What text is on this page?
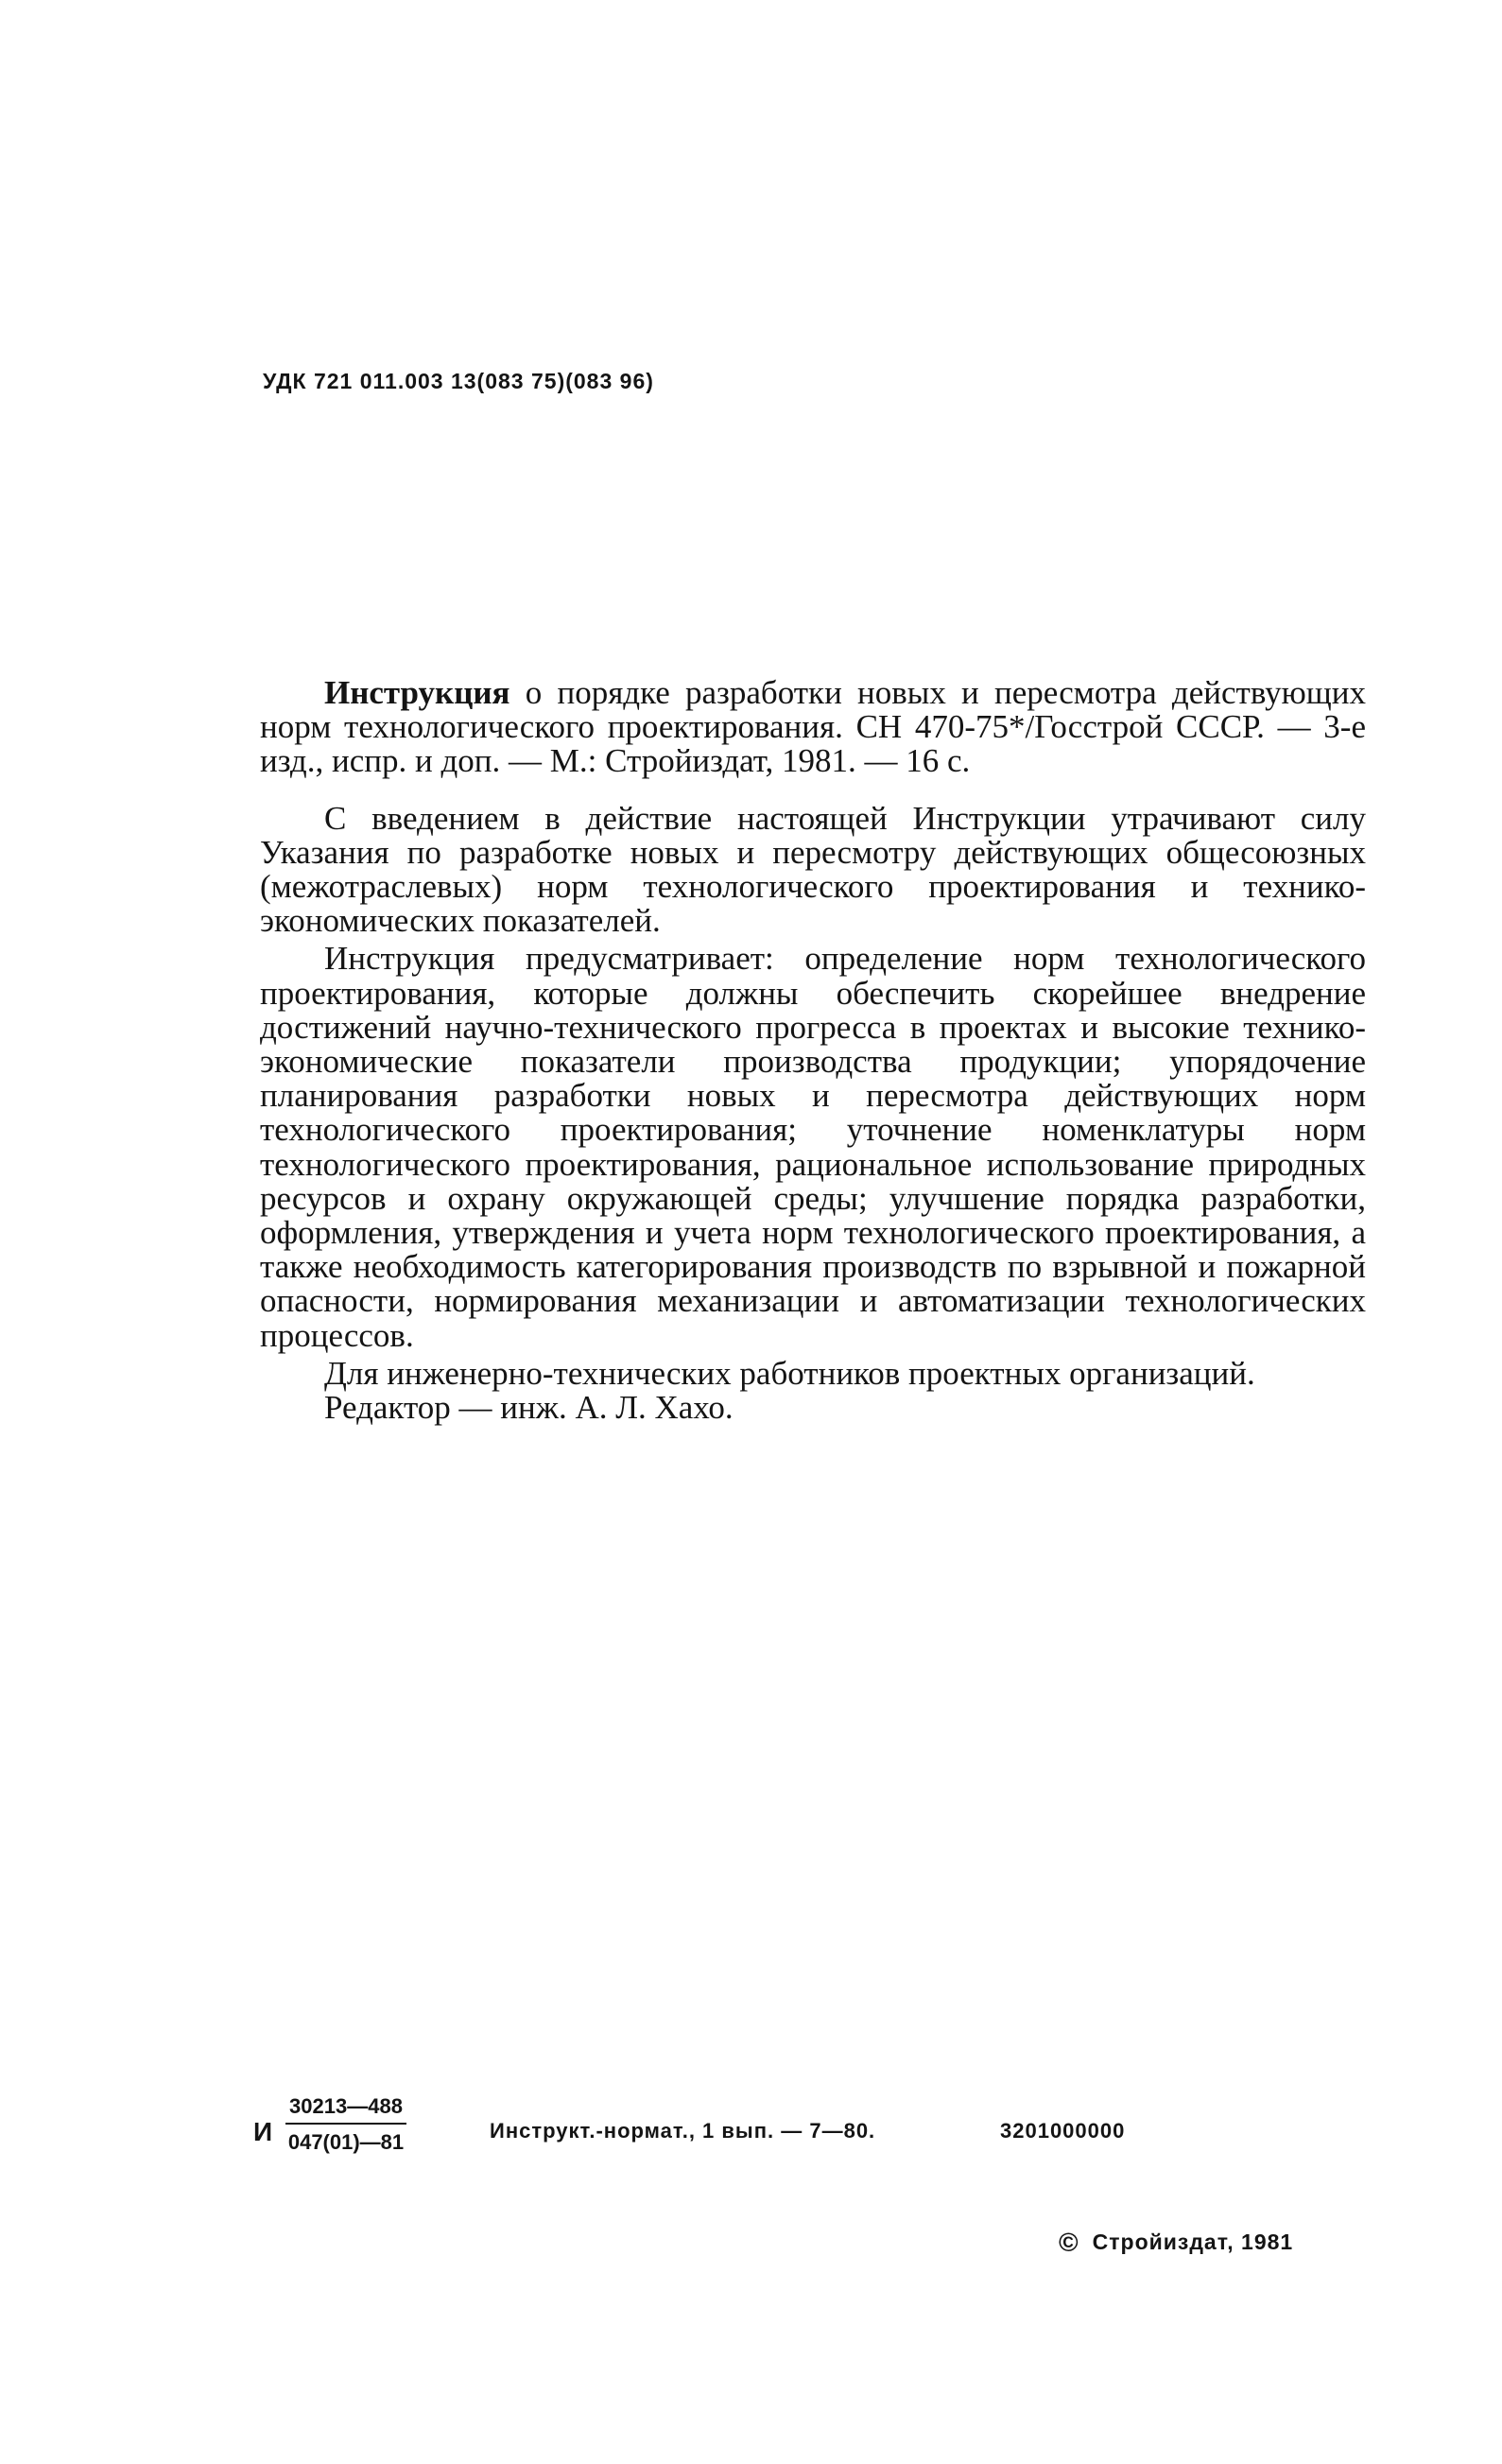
УДК 721 011.003 13(083 75)(083 96)

Инструкция о порядке разработки новых и пересмотра действующих норм технологического проектирования. СН 470-75*/Госстрой СССР. — 3-е изд., испр. и доп. — М.: Стройиздат, 1981. — 16 с.

С введением в действие настоящей Инструкции утрачивают силу Указания по разработке новых и пересмотру действующих общесоюзных (межотраслевых) норм технологического проектирования и технико-экономических показателей.

Инструкция предусматривает: определение норм технологического проектирования, которые должны обеспечить скорейшее внедрение достижений научно-технического прогресса в проектах и высокие технико-экономические показатели производства продукции; упорядочение планирования разработки новых и пересмотра действующих норм технологического проектирования; уточнение номенклатуры норм технологического проектирования, рациональное использование природных ресурсов и охрану окружающей среды; улучшение порядка разработки, оформления, утверждения и учета норм технологического проектирования, а также необходимость категорирования производств по взрывной и пожарной опасности, нормирования механизации и автоматизации технологических процессов.

Для инженерно-технических работников проектных организаций.

Редактор — инж. А. Л. Хахо.

И
30213—488
047(01)—81	Инструкт.-нормат., 1 вып. — 7—80.	3201000000
© Стройиздат, 1981
